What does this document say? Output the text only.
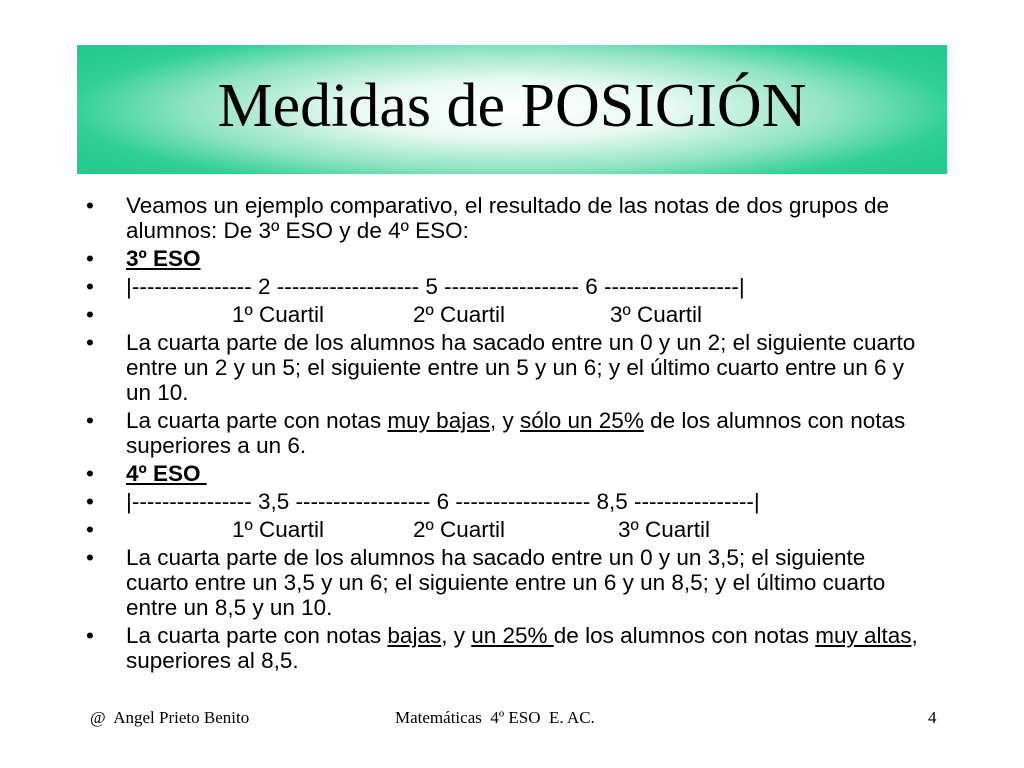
Medidas de POSICIÓN
• Veamos un ejemplo comparativo, el resultado de las notas de dos grupos de alumnos: De 3º ESO y de 4º ESO:
• 3º ESO
• |---------------- 2 ------------------- 5 ------------------ 6 ------------------|
•	1º Cuartil	2º Cuartil	3º Cuartil
• La cuarta parte de los alumnos ha sacado entre un 0 y un 2; el siguiente cuarto entre un 2 y un 5; el siguiente entre un 5 y un 6; y el último cuarto entre un 6 y un 10.
• La cuarta parte con notas muy bajas, y sólo un 25% de los alumnos con notas superiores a un 6.
• 4º ESO
• |---------------- 3,5 ------------------ 6 ------------------ 8,5 ----------------|
•	1º Cuartil	2º Cuartil	3º Cuartil
• La cuarta parte de los alumnos ha sacado entre un 0 y un 3,5; el siguiente cuarto entre un 3,5 y un 6; el siguiente entre un 6 y un 8,5; y el último cuarto entre un 8,5 y un 10.
• La cuarta parte con notas bajas, y un 25% de los alumnos con notas muy altas, superiores al 8,5.
@  Angel Prieto Benito	Matemáticas  4º ESO  E. AC.	4
